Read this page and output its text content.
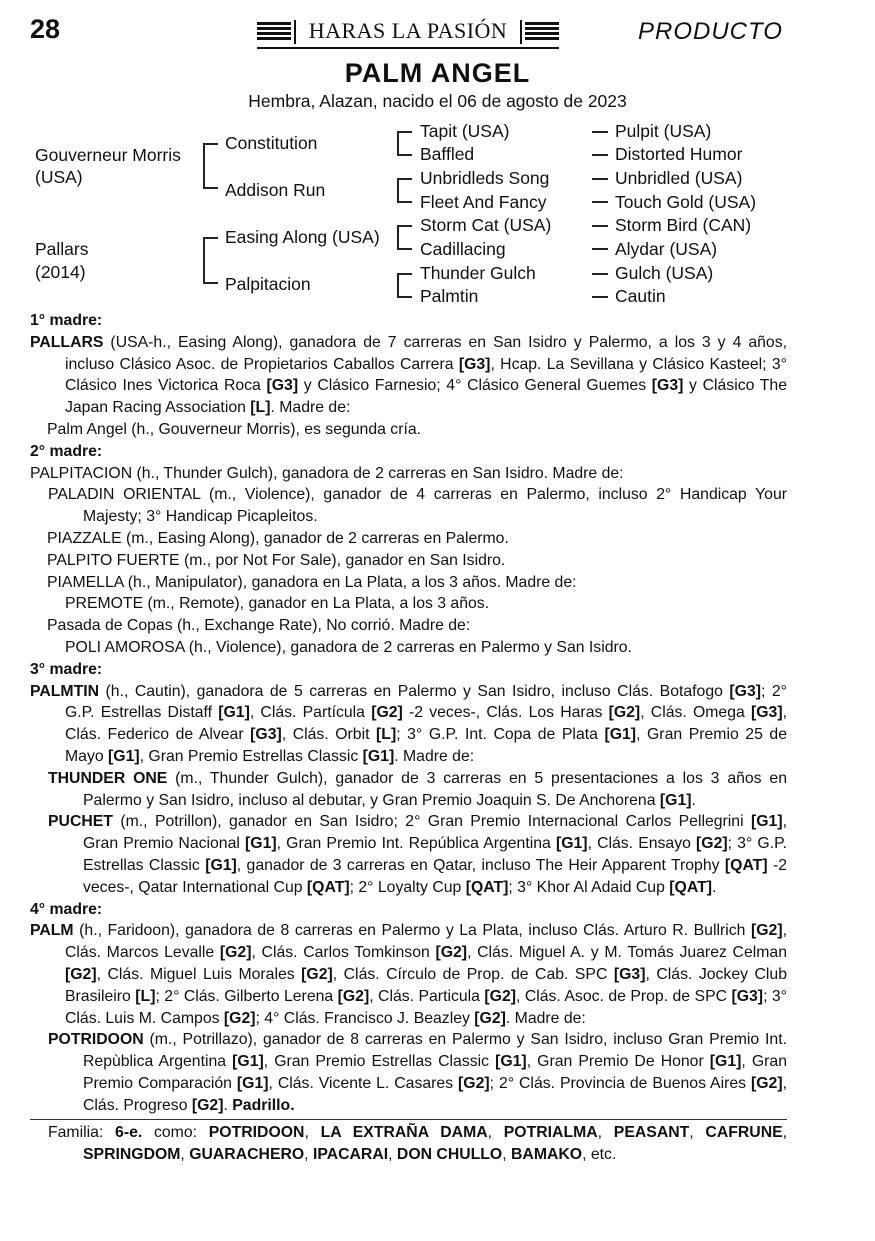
28	HARAS LA PASIÓN	PRODUCTO
PALM ANGEL
Hembra, Alazan, nacido el 06 de agosto de 2023
Gouverneur Morris
(USA)
Pallars
(2014)
Constitution
Addison Run
Easing Along (USA)
Palpitacion
Tapit (USA)
Baffled
Unbridleds Song
Fleet And Fancy
Storm Cat (USA)
Cadillacing
Thunder Gulch
Palmtin
Pulpit (USA)
Distorted Humor
Unbridled (USA)
Touch Gold (USA)
Storm Bird (CAN)
Alydar (USA)
Gulch (USA)
Cautin

1° madre:

PALLARS (USA-h., Easing Along), ganadora de 7 carreras en San Isidro y Palermo, a los 3 y 4 años, incluso Clásico Asoc. de Propietarios Caballos Carrera [G3], Hcap. La Sevillana y Clásico Kasteel; 3° Clásico Ines Victorica Roca [G3] y Clásico Farnesio; 4° Clásico General Guemes [G3] y Clásico The Japan Racing Association [L]. Madre de:

Palm Angel (h., Gouverneur Morris), es segunda cría.

2° madre:

PALPITACION (h., Thunder Gulch), ganadora de 2 carreras en San Isidro. Madre de:

PALADIN ORIENTAL (m., Violence), ganador de 4 carreras en Palermo, incluso 2° Handicap Your Majesty; 3° Handicap Picapleitos.

PIAZZALE (m., Easing Along), ganador de 2 carreras en Palermo.

PALPITO FUERTE (m., por Not For Sale), ganador en San Isidro.

PIAMELLA (h., Manipulator), ganadora en La Plata, a los 3 años. Madre de:

PREMOTE (m., Remote), ganador en La Plata, a los 3 años.

Pasada de Copas (h., Exchange Rate), No corrió. Madre de:

POLI AMOROSA (h., Violence), ganadora de 2 carreras en Palermo y San Isidro.

3° madre:

PALMTIN (h., Cautin), ganadora de 5 carreras en Palermo y San Isidro, incluso Clás. Botafogo [G3]; 2° G.P. Estrellas Distaff [G1], Clás. Partícula [G2] -2 veces-, Clás. Los Haras [G2], Clás. Omega [G3], Clás. Federico de Alvear [G3], Clás. Orbit [L]; 3° G.P. Int. Copa de Plata [G1], Gran Premio 25 de Mayo [G1], Gran Premio Estrellas Classic [G1]. Madre de:

THUNDER ONE (m., Thunder Gulch), ganador de 3 carreras en 5 presentaciones a los 3 años en Palermo y San Isidro, incluso al debutar, y Gran Premio Joaquin S. De Anchorena [G1].

PUCHET (m., Potrillon), ganador en San Isidro; 2° Gran Premio Internacional Carlos Pellegrini [G1], Gran Premio Nacional [G1], Gran Premio Int. República Argentina [G1], Clás. Ensayo [G2]; 3° G.P. Estrellas Classic [G1], ganador de 3 carreras en Qatar, incluso The Heir Apparent Trophy [QAT] -2 veces-, Qatar International Cup [QAT]; 2° Loyalty Cup [QAT]; 3° Khor Al Adaid Cup [QAT].

4° madre:

PALM (h., Faridoon), ganadora de 8 carreras en Palermo y La Plata, incluso Clás. Arturo R. Bullrich [G2], Clás. Marcos Levalle [G2], Clás. Carlos Tomkinson [G2], Clás. Miguel A. y M. Tomás Juarez Celman [G2], Clás. Miguel Luis Morales [G2], Clás. Círculo de Prop. de Cab. SPC [G3], Clás. Jockey Club Brasileiro [L]; 2° Clás. Gilberto Lerena [G2], Clás. Particula [G2], Clás. Asoc. de Prop. de SPC [G3]; 3° Clás. Luis M. Campos [G2]; 4° Clás. Francisco J. Beazley [G2]. Madre de:

POTRIDOON (m., Potrillazo), ganador de 8 carreras en Palermo y San Isidro, incluso Gran Premio Int. Repùblica Argentina [G1], Gran Premio Estrellas Classic [G1], Gran Premio De Honor [G1], Gran Premio Comparación [G1], Clás. Vicente L. Casares [G2]; 2° Clás. Provincia de Buenos Aires [G2], Clás. Progreso [G2]. Padrillo.

Familia: 6-e. como: POTRIDOON, LA EXTRAÑA DAMA, POTRIALMA, PEASANT, CAFRUNE, SPRINGDOM, GUARACHERO, IPACARAI, DON CHULLO, BAMAKO, etc.
